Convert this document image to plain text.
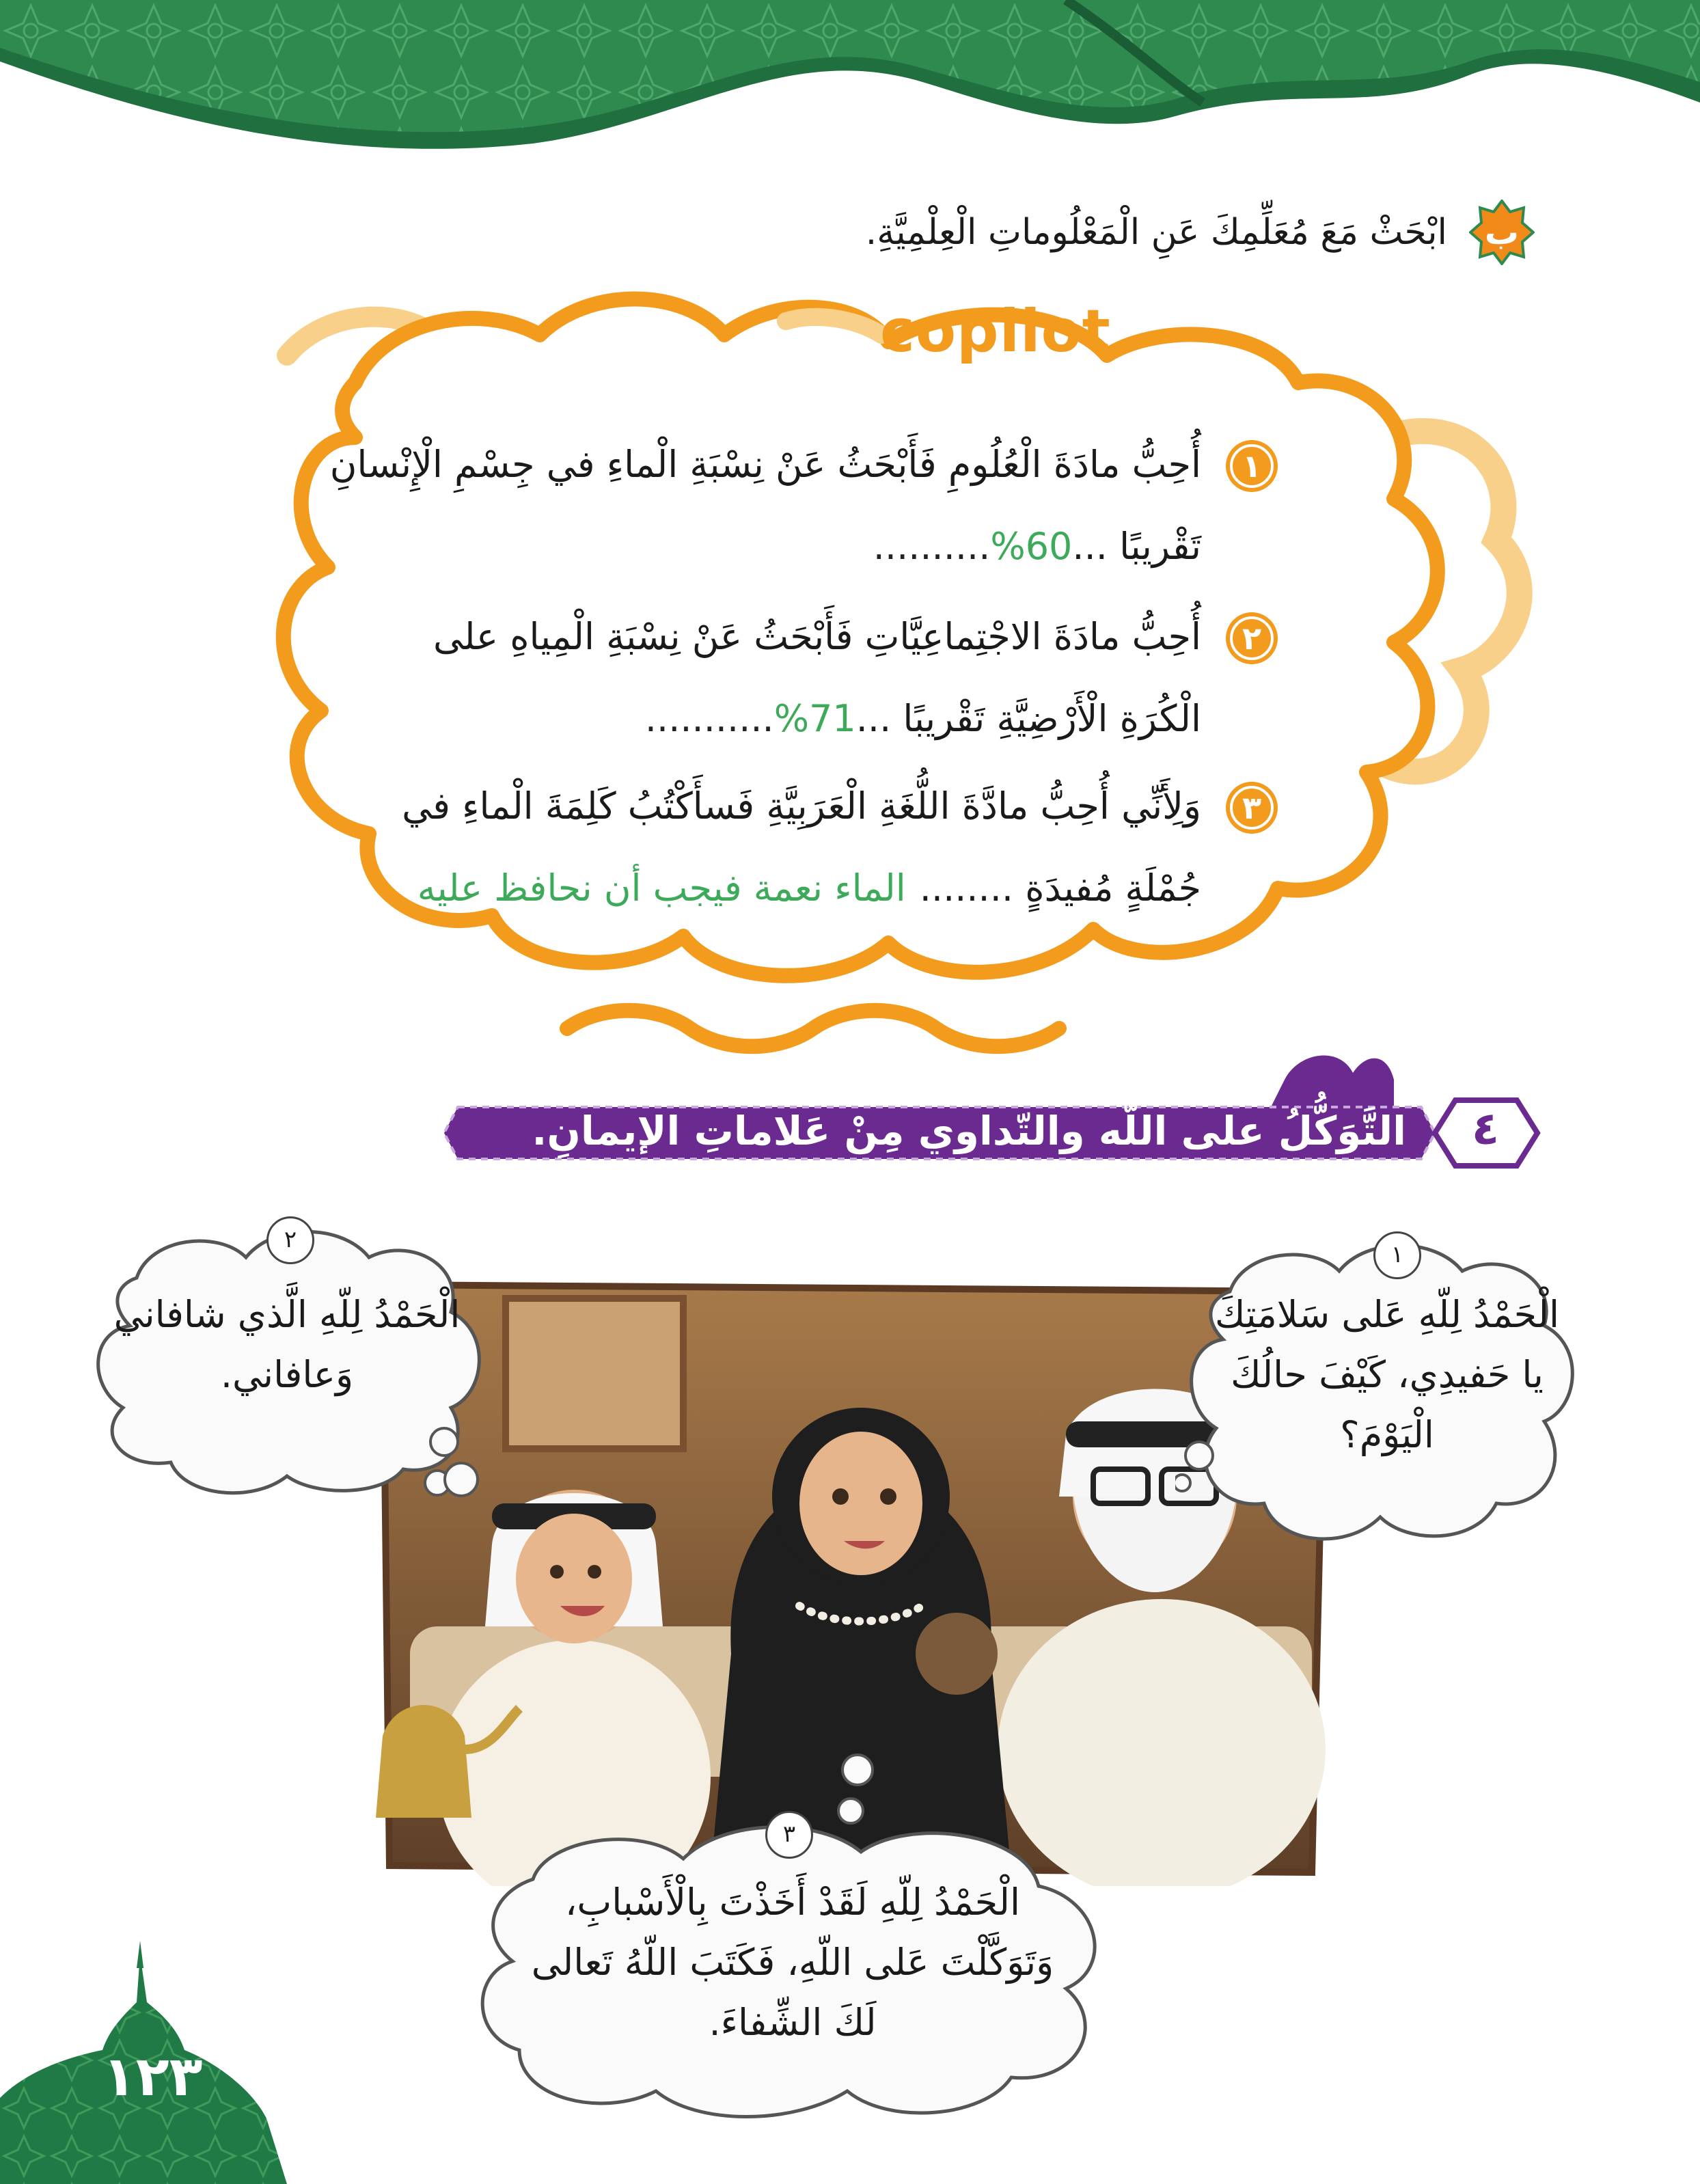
ب
ابْحَثْ مَعَ مُعَلِّمِكَ عَنِ الْمَعْلُوماتِ الْعِلْمِيَّةِ.
copilot
١
أُحِبُّ مادَةَ الْعُلُومِ فَأَبْحَثُ عَنْ نِسْبَةِ الْماءِ في جِسْمِ الْإِنْسانِ
تَقْريبًا ...60%..........
٢
أُحِبُّ مادَةَ الاجْتِماعِيَّاتِ فَأَبْحَثُ عَنْ نِسْبَةِ الْمِياهِ على
الْكُرَةِ الْأَرْضِيَّةِ تَقْريبًا ...71%...........
٣
وَلِأَنِّي أُحِبُّ مادَّةَ اللُّغَةِ الْعَرَبِيَّةِ فَسأَكْتُبُ كَلِمَةَ الْماءِ في
جُمْلَةٍ مُفيدَةٍ ........الماء نعمة فيجب أن نحافظ عليه
٤
التَّوَكُّلُ على اللّه والتّداوي مِنْ عَلاماتِ الإيمانِ.
١
الْحَمْدُ لِلّهِ عَلى سَلامَتِكَ
يا حَفيدِي، كَيْفَ حالُكَ
الْيَوْمَ؟
٢
الْحَمْدُ لِلّهِ الَّذي شافاني
وَعافاني.
٣
الْحَمْدُ لِلّهِ لَقَدْ أَخَذْتَ بِالْأَسْبابِ،
وَتَوَكَّلْتَ عَلى اللّهِ، فَكَتَبَ اللّهُ تَعالى
لَكَ الشِّفاءَ.
١٢٣
